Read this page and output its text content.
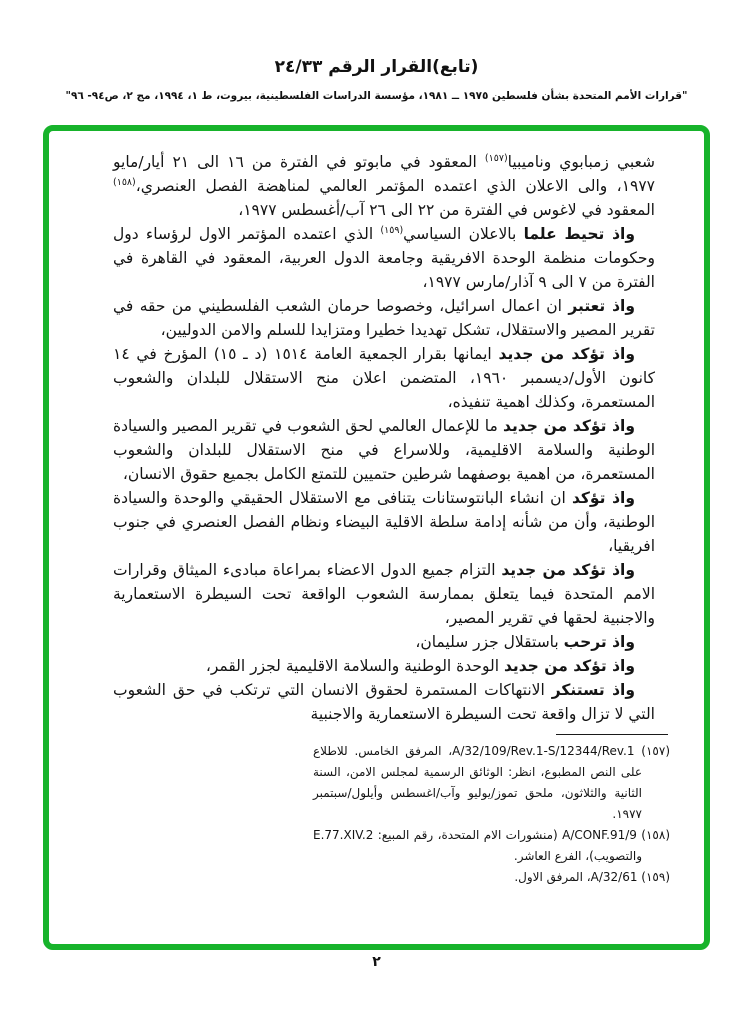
(تابع)القرار الرقم ٢٤/٣٣
"قرارات الأمم المتحدة بشأن فلسطين ١٩٧٥ ــ ١٩٨١، مؤسسة الدراسات الفلسطينية، بيروت، ط ١، ١٩٩٤، مج ٢، ص٩٤- ٩٦"

شعبي زمبابوي وناميبيا$^{(١٥٧)}$ المعقود في مابوتو في الفترة من ١٦ الى ٢١ أيار/مايو ١٩٧٧، والى الاعلان الذي اعتمده المؤتمر العالمي لمناهضة الفصل العنصري،$^{(١٥٨)}$ المعقود في لاغوس في الفترة من ٢٢ الى ٢٦ آب/أغسطس ١٩٧٧،

واذ تحيط علما بالاعلان السياسي$^{(١٥٩)}$ الذي اعتمده المؤتمر الاول لرؤساء دول وحكومات منظمة الوحدة الافريقية وجامعة الدول العربية، المعقود في القاهرة في الفترة من ٧ الى ٩ آذار/مارس ١٩٧٧،

واذ تعتبر ان اعمال اسرائيل، وخصوصا حرمان الشعب الفلسطيني من حقه في تقرير المصير والاستقلال، تشكل تهديدا خطيرا ومتزايدا للسلم والامن الدوليين،

واذ تؤكد من جديد ايمانها بقرار الجمعية العامة ١٥١٤ (د ـ ١٥) المؤرخ في ١٤ كانون الأول/ديسمبر ١٩٦٠، المتضمن اعلان منح الاستقلال للبلدان والشعوب المستعمرة، وكذلك اهمية تنفيذه،

واذ تؤكد من جديد ما للإعمال العالمي لحق الشعوب في تقرير المصير والسيادة الوطنية والسلامة الاقليمية، وللاسراع في منح الاستقلال للبلدان والشعوب المستعمرة، من اهمية بوصفهما شرطين حتميين للتمتع الكامل بجميع حقوق الانسان،

واذ تؤكد ان انشاء البانتوستانات يتنافى مع الاستقلال الحقيقي والوحدة والسيادة الوطنية، وأن من شأنه إدامة سلطة الاقلية البيضاء ونظام الفصل العنصري في جنوب افريقيا،

واذ تؤكد من جديد التزام جميع الدول الاعضاء بمراعاة مبادىء الميثاق وقرارات الامم المتحدة فيما يتعلق بممارسة الشعوب الواقعة تحت السيطرة الاستعمارية والاجنبية لحقها في تقرير المصير،

واذ ترحب باستقلال جزر سليمان،

واذ تؤكد من جديد الوحدة الوطنية والسلامة الاقليمية لجزر القمر،

واذ تستنكر الانتهاكات المستمرة لحقوق الانسان التي ترتكب في حق الشعوب التي لا تزال واقعة تحت السيطرة الاستعمارية والاجنبية

(١٥٧) A/32/109/Rev.1-S/12344/Rev.1، المرفق الخامس. للاطلاع على النص المطبوع، انظر: الوثائق الرسمية لمجلس الامن، السنة الثانية والثلاثون، ملحق تموز/يوليو وآب/اغسطس وأيلول/سبتمبر ١٩٧٧.

(١٥٨) A/CONF.91/9 (منشورات الام المتحدة، رقم المبيع: E.77.XIV.2 والتصويب)، الفرع العاشر.

(١٥٩) A/32/61، المرفق الاول.

٢
